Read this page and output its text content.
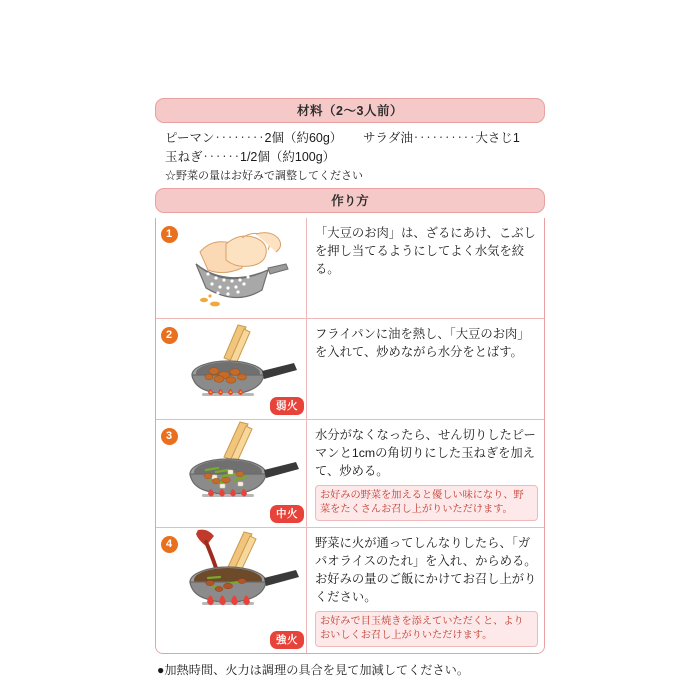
材料（2〜3人前）
ピーマン‥‥‥‥2個（約60g）	サラダ油‥‥‥‥‥大さじ1
玉ねぎ‥‥‥1/2個（約100g）
☆野菜の量はお好みで調整してください
作り方
1	「大豆のお肉」は、ざるにあけ、こぶしを押し当てるようにしてよく水気を絞る。
2
弱火
フライパンに油を熱し、「大豆のお肉」を入れて、炒めながら水分をとばす。
3
中火
水分がなくなったら、せん切りしたピーマンと1cmの角切りにした玉ねぎを加えて、炒める。
お好みの野菜を加えると優しい味になり、野菜をたくさんお召し上がりいただけます。
4
強火
野菜に火が通ってしんなりしたら、「ガパオライスのたれ」を入れ、からめる。お好みの量のご飯にかけてお召し上がりください。
お好みで目玉焼きを添えていただくと、よりおいしくお召し上がりいただけます。
●加熱時間、火力は調理の具合を見て加減してください。
